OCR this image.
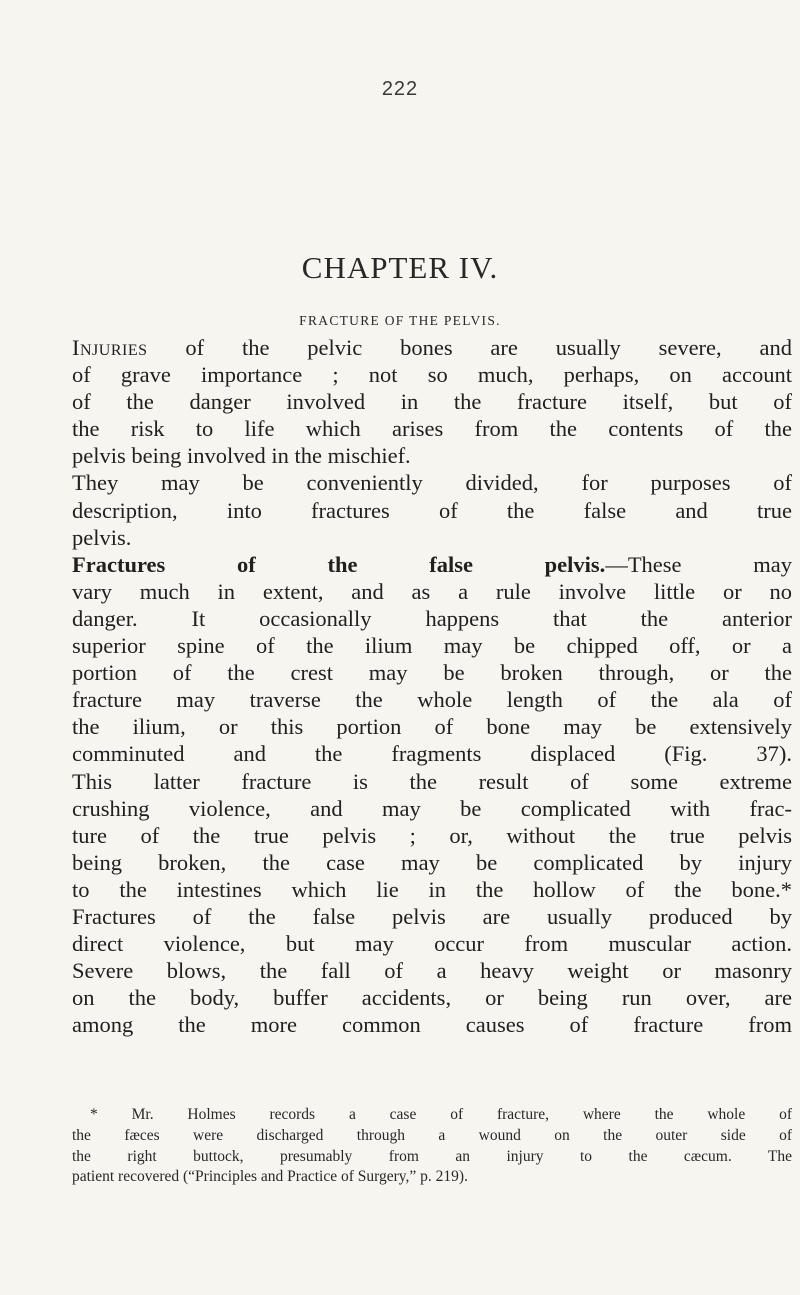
222
CHAPTER IV.
FRACTURE OF THE PELVIS.
Injuries of the pelvic bones are usually severe, and
of grave importance ; not so much, perhaps, on account
of the danger involved in the fracture itself, but of
the risk to life which arises from the contents of the
pelvis being involved in the mischief.
They may be conveniently divided, for purposes of
description, into fractures of the false and true
pelvis.
Fractures of the false pelvis.—These may
vary much in extent, and as a rule involve little or no
danger. It occasionally happens that the anterior
superior spine of the ilium may be chipped off, or a
portion of the crest may be broken through, or the
fracture may traverse the whole length of the ala of
the ilium, or this portion of bone may be extensively
comminuted and the fragments displaced (Fig. 37).
This latter fracture is the result of some extreme
crushing violence, and may be complicated with frac-
ture of the true pelvis ; or, without the true pelvis
being broken, the case may be complicated by injury
to the intestines which lie in the hollow of the bone.*
Fractures of the false pelvis are usually produced by
direct violence, but may occur from muscular action.
Severe blows, the fall of a heavy weight or masonry
on the body, buffer accidents, or being run over, are
among the more common causes of fracture from
* Mr. Holmes records a case of fracture, where the whole of
the fæces were discharged through a wound on the outer side of
the right buttock, presumably from an injury to the cæcum. The
patient recovered (“Principles and Practice of Surgery,” p. 219).
